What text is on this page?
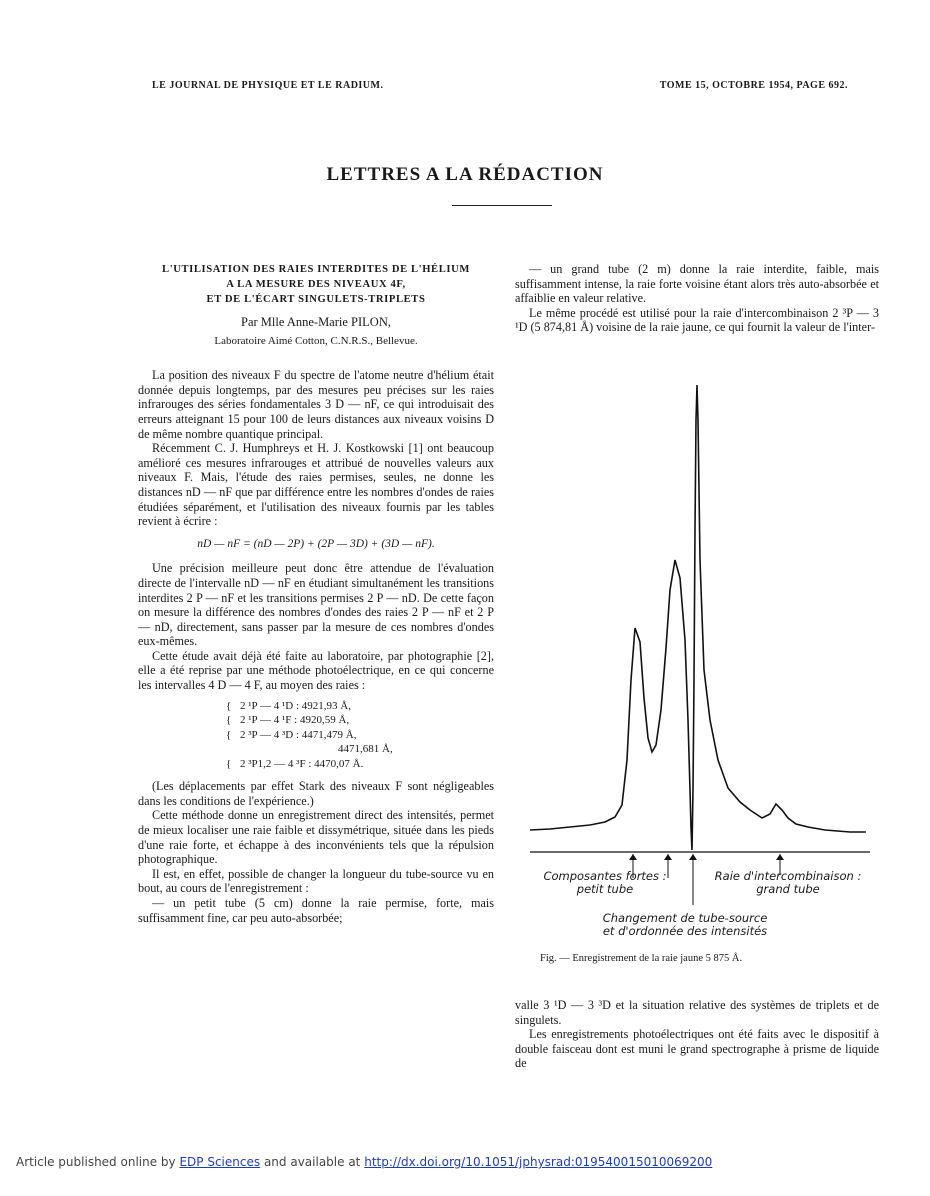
LE JOURNAL DE PHYSIQUE ET LE RADIUM.	TOME 15, OCTOBRE 1954, PAGE 692.
LETTRES A LA RÉDACTION
L'UTILISATION DES RAIES INTERDITES DE L'HÉLIUM
A LA MESURE DES NIVEAUX 4F,
ET DE L'ÉCART SINGULETS-TRIPLETS
Par Mlle Anne-Marie PILON,
Laboratoire Aimé Cotton, C.N.R.S., Bellevue.

La position des niveaux F du spectre de l'atome neutre d'hélium était donnée depuis longtemps, par des mesures peu précises sur les raies infrarouges des séries fondamentales 3 D — nF, ce qui introduisait des erreurs atteignant 15 pour 100 de leurs distances aux niveaux voisins D de même nombre quantique principal.

Récemment C. J. Humphreys et H. J. Kostkowski [1] ont beaucoup amélioré ces mesures infrarouges et attribué de nouvelles valeurs aux niveaux F. Mais, l'étude des raies permises, seules, ne donne les distances nD — nF que par différence entre les nombres d'ondes de raies étudiées séparément, et l'utilisation des niveaux fournis par les tables revient à écrire :

nD — nF = (nD — 2P) + (2P — 3D) + (3D — nF).

Une précision meilleure peut donc être attendue de l'évaluation directe de l'intervalle nD — nF en étudiant simultanément les transitions interdites 2 P — nF et les transitions permises 2 P — nD. De cette façon on mesure la différence des nombres d'ondes des raies 2 P — nF et 2 P — nD, directement, sans passer par la mesure de ces nombres d'ondes eux-mêmes.

Cette étude avait déjà été faite au laboratoire, par photographie [2], elle a été reprise par une méthode photoélectrique, en ce qui concerne les intervalles 4 D — 4 F, au moyen des raies :

{ 2 ¹P — 4 ¹D : 4921,93 Å,
{ 2 ¹P — 4 ¹F : 4920,59 Å,
{ 2 ³P — 4 ³D : 4471,479 Å,
4471,681 Å,
{ 2 ³P1,2 — 4 ³F : 4470,07 Å.

(Les déplacements par effet Stark des niveaux F sont négligeables dans les conditions de l'expérience.)

Cette méthode donne un enregistrement direct des intensités, permet de mieux localiser une raie faible et dissymétrique, située dans les pieds d'une raie forte, et échappe à des inconvénients tels que la répulsion photographique.

Il est, en effet, possible de changer la longueur du tube-source vu en bout, au cours de l'enregistrement :

— un petit tube (5 cm) donne la raie permise, forte, mais suffisamment fine, car peu auto-absorbée;

— un grand tube (2 m) donne la raie interdite, faible, mais suffisamment intense, la raie forte voisine étant alors très auto-absorbée et affaiblie en valeur relative.

Le même procédé est utilisé pour la raie d'intercombinaison 2 ³P — 3 ¹D (5 874,81 Å) voisine de la raie jaune, ce qui fournit la valeur de l'inter-

Composantes fortes :
petit tube
Raie d'intercombinaison :
grand tube
Changement de tube-source
et d'ordonnée des intensités
Fig. — Enregistrement de la raie jaune 5 875 Å.

valle 3 ¹D — 3 ³D et la situation relative des systèmes de triplets et de singulets.

Les enregistrements photoélectriques ont été faits avec le dispositif à double faisceau dont est muni le grand spectrographe à prisme de liquide de

Article published online by EDP Sciences and available at http://dx.doi.org/10.1051/jphysrad:019540015010069200
